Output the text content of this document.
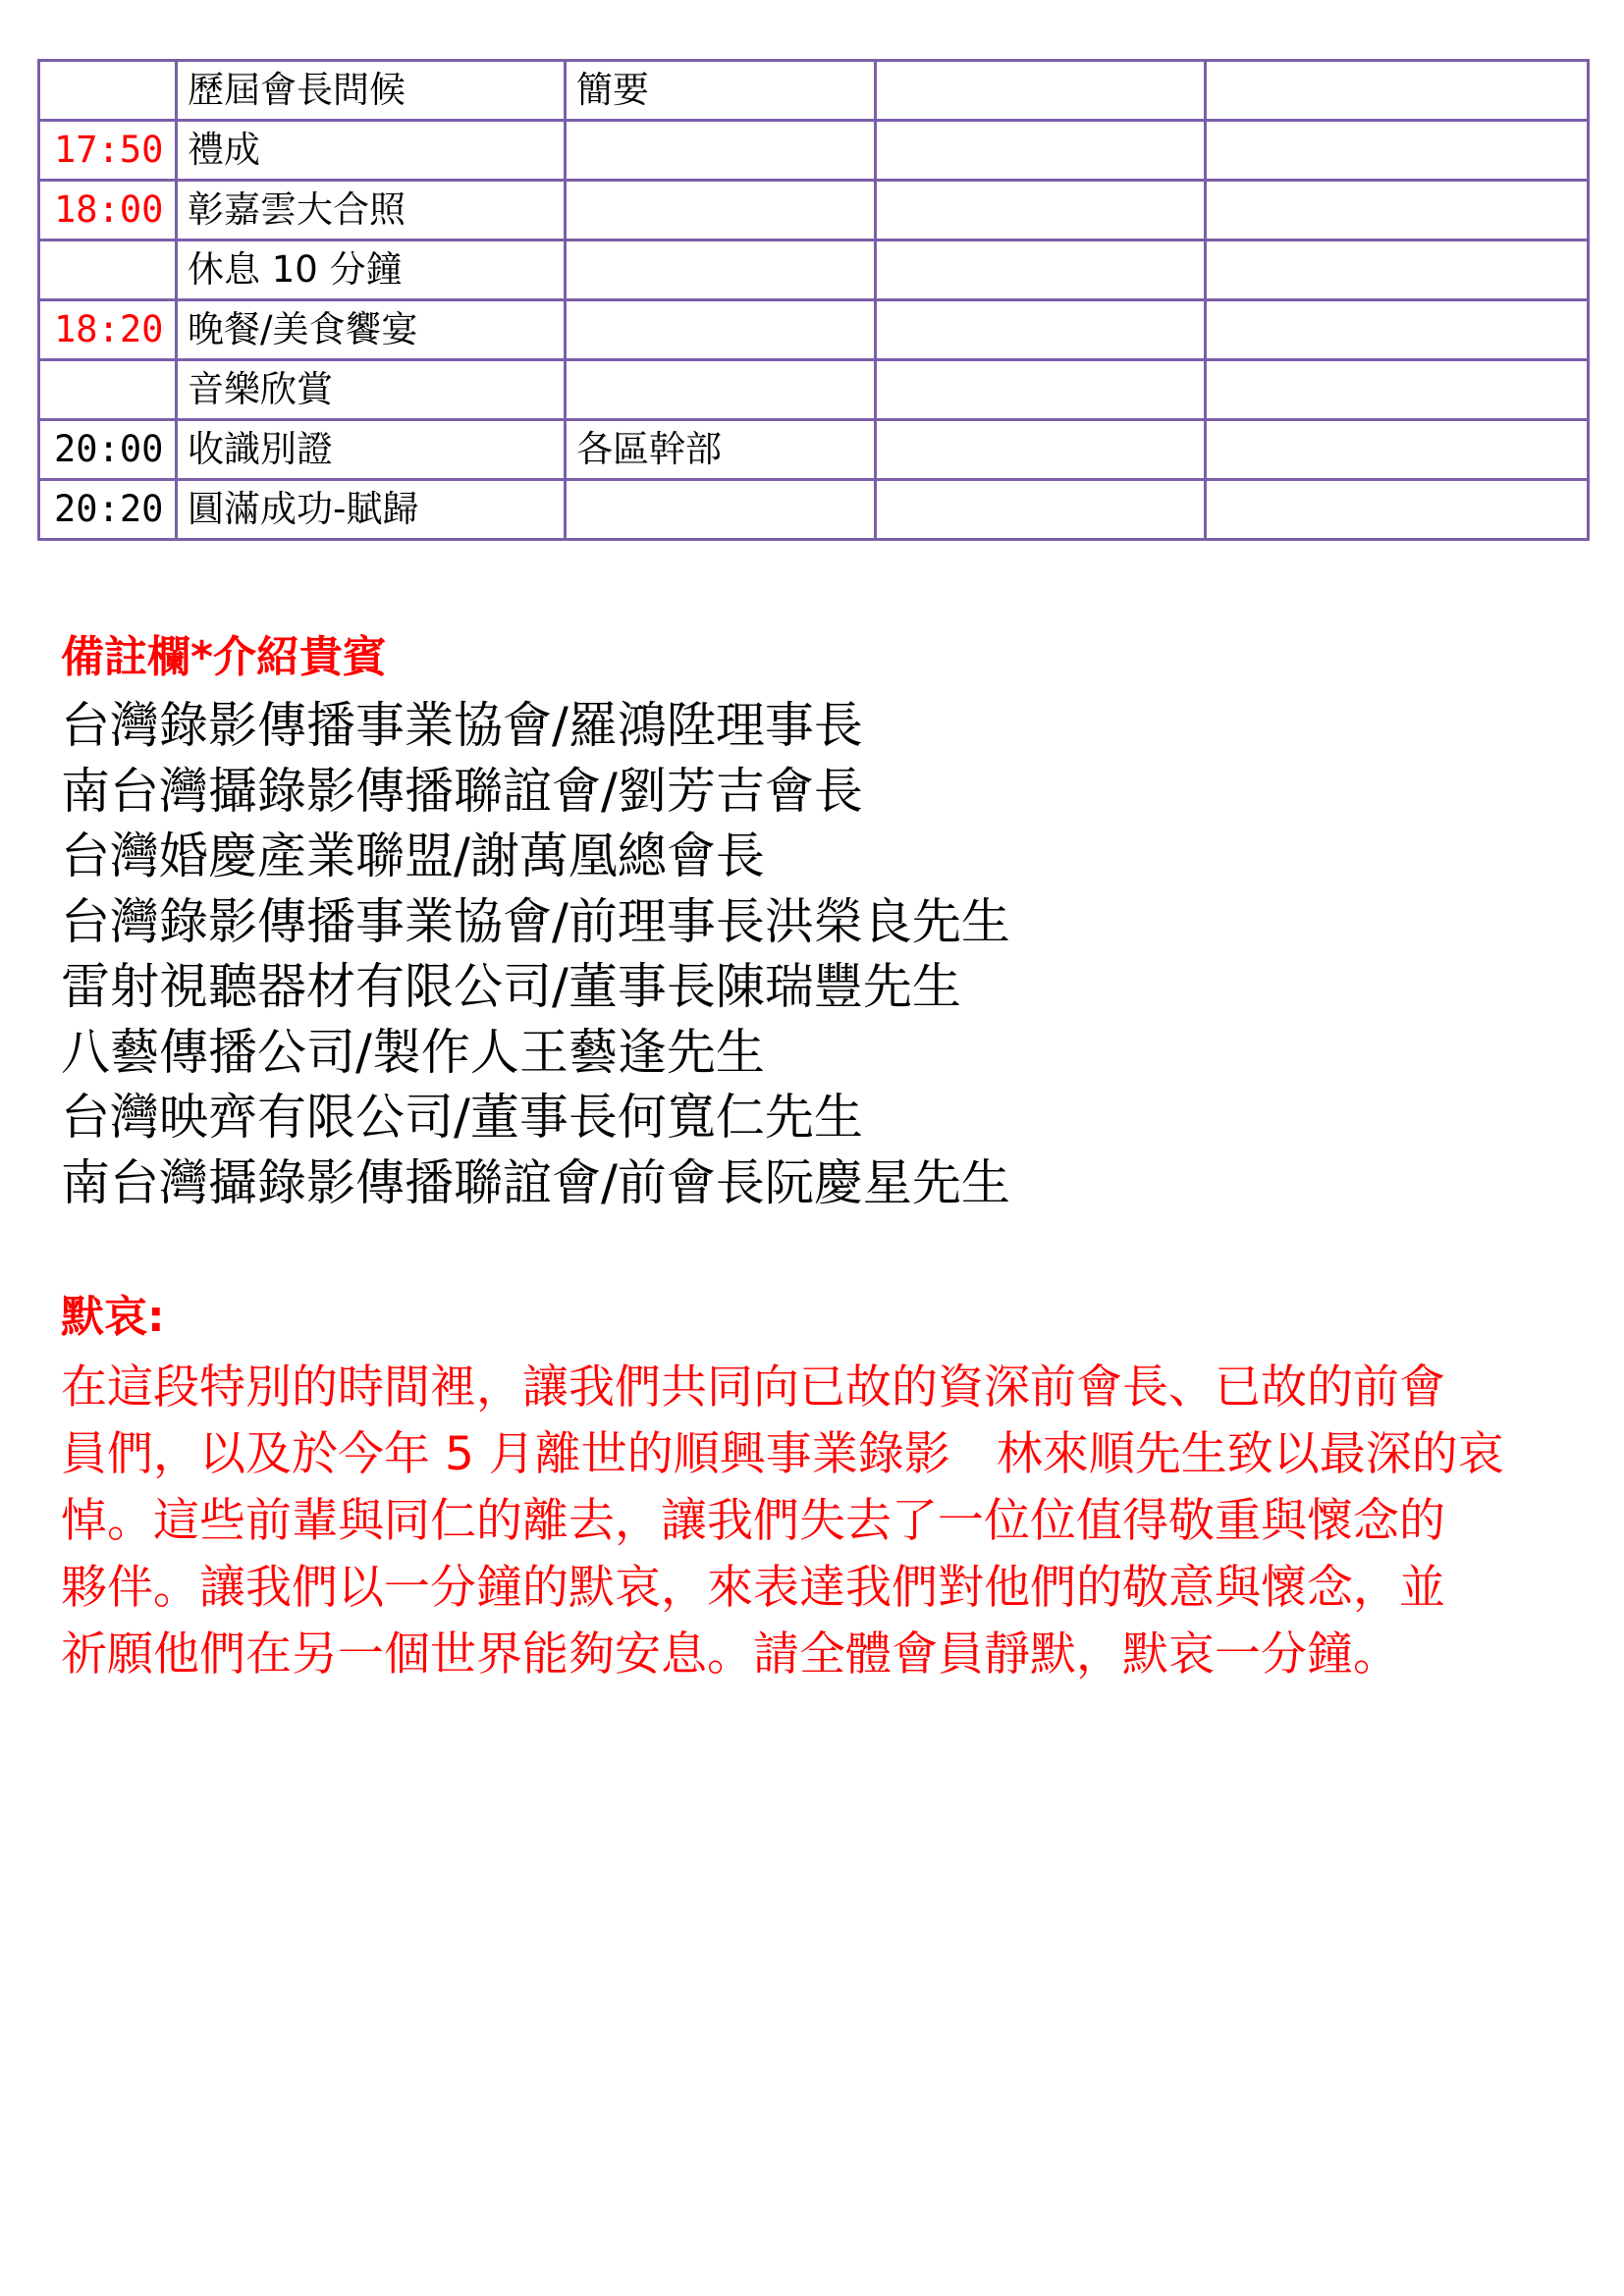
	歷屆會長問候	簡要		
17:50	禮成			
18:00	彰嘉雲大合照			
	休息 10 分鐘			
18:20	晚餐/美食饗宴			
	音樂欣賞			
20:00	收識別證	各區幹部		
20:20	圓滿成功-賦歸			
備註欄*介紹貴賓
台灣錄影傳播事業協會/羅鴻陞理事長
南台灣攝錄影傳播聯誼會/劉芳吉會長
台灣婚慶產業聯盟/謝萬凰總會長
台灣錄影傳播事業協會/前理事長洪榮良先生
雷射視聽器材有限公司/董事長陳瑞豐先生
八藝傳播公司/製作人王藝逢先生
台灣映齊有限公司/董事長何寬仁先生
南台灣攝錄影傳播聯誼會/前會長阮慶星先生
默哀:

在這段特別的時間裡，讓我們共同向已故的資深前會長、已故的前會
員們，以及於今年 5 月離世的順興事業錄影　林來順先生致以最深的哀
悼。這些前輩與同仁的離去，讓我們失去了一位位值得敬重與懷念的
夥伴。讓我們以一分鐘的默哀，來表達我們對他們的敬意與懷念，並
祈願他們在另一個世界能夠安息。請全體會員靜默，默哀一分鐘。
